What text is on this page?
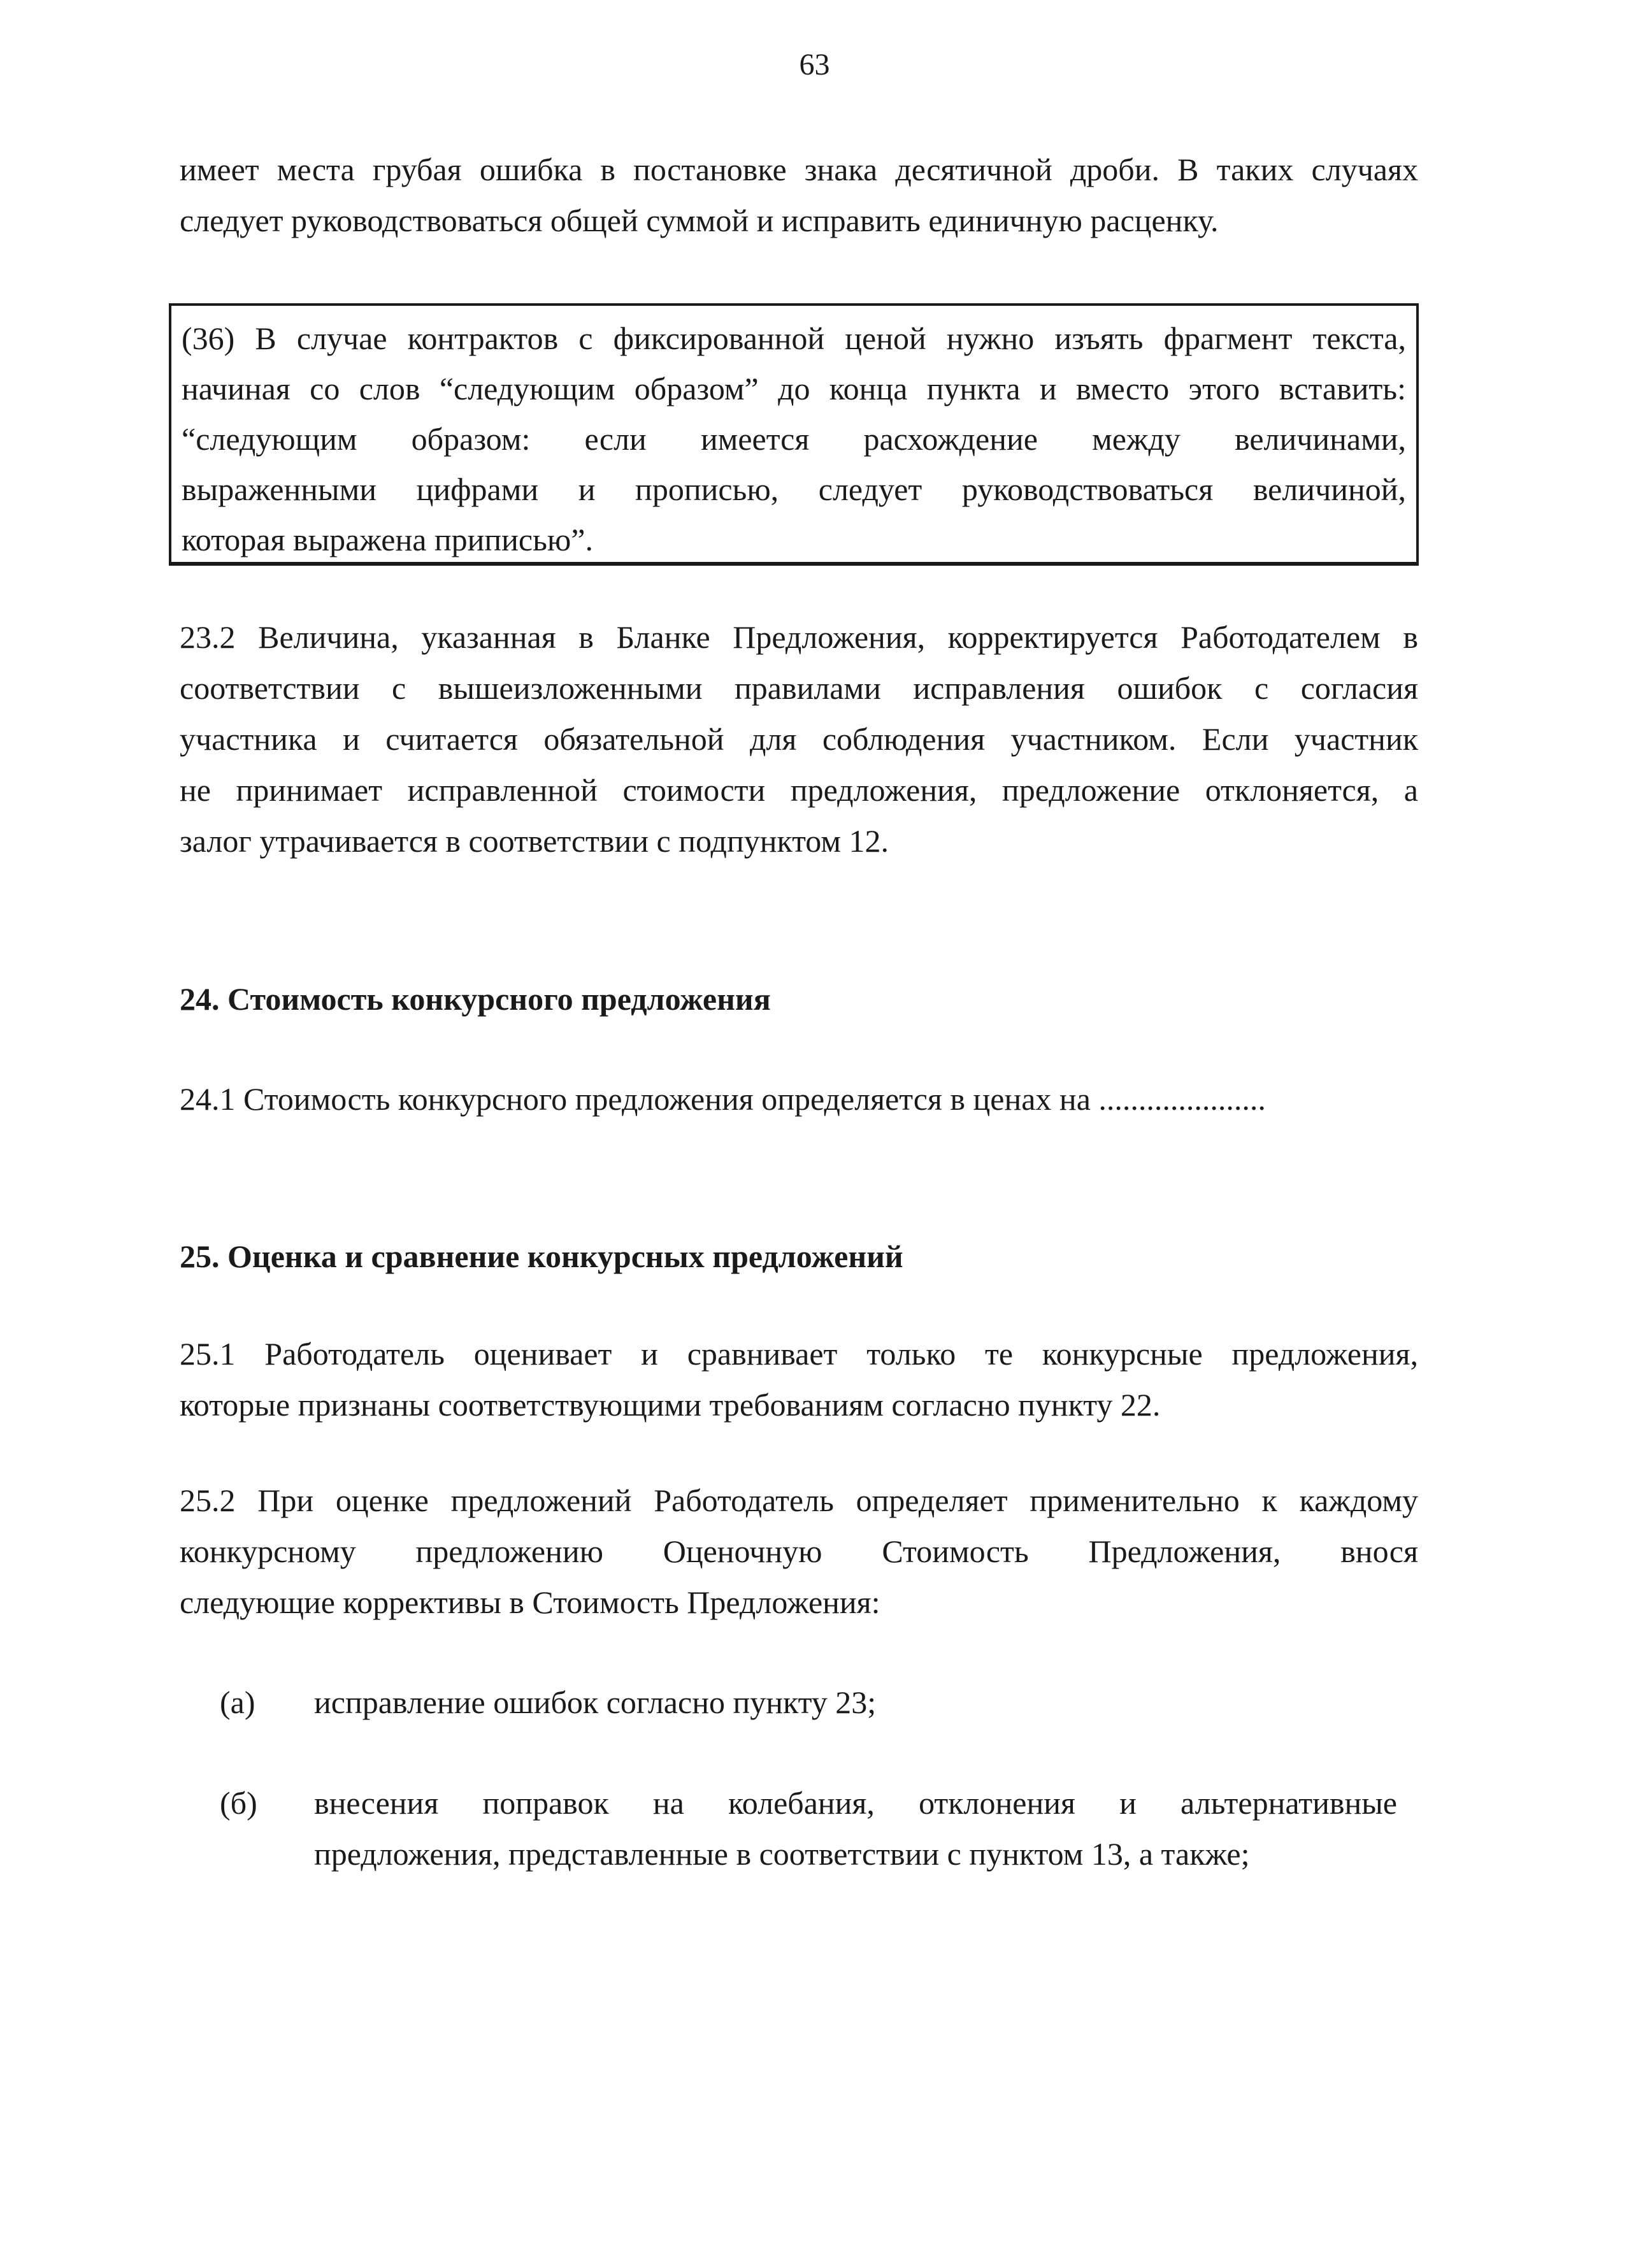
63
имеет места грубая ошибка в постановке знака десятичной дроби. В таких случаях
следует руководствоваться общей суммой и исправить единичную расценку.
(36) В случае контрактов с фиксированной ценой нужно изъять фрагмент текста,
начиная со слов “следующим образом” до конца пункта и вместо этого вставить:
“следующим образом: если имеется расхождение между величинами,
выраженными цифрами и прописью, следует руководствоваться величиной,
которая выражена приписью”.
23.2 Величина, указанная в Бланке Предложения, корректируется Работодателем в
соответствии с вышеизложенными правилами исправления ошибок с согласия
участника и считается обязательной для соблюдения участником. Если участник
не принимает исправленной стоимости предложения, предложение отклоняется, а
залог утрачивается в соответствии с подпунктом 12.
24. Стоимость конкурсного предложения
24.1 Стоимость конкурсного предложения определяется в ценах на .....................
25. Оценка и сравнение конкурсных предложений
25.1 Работодатель оценивает и сравнивает только те конкурсные предложения,
которые признаны соответствующими требованиям согласно пункту 22.
25.2 При оценке предложений Работодатель определяет применительно к каждому
конкурсному предложению Оценочную Стоимость Предложения, внося
следующие коррективы в Стоимость Предложения:
(а) исправление ошибок согласно пункту 23;
(б) внесения поправок на колебания, отклонения и альтернативные
предложения, представленные в соответствии с пунктом 13, а также;
